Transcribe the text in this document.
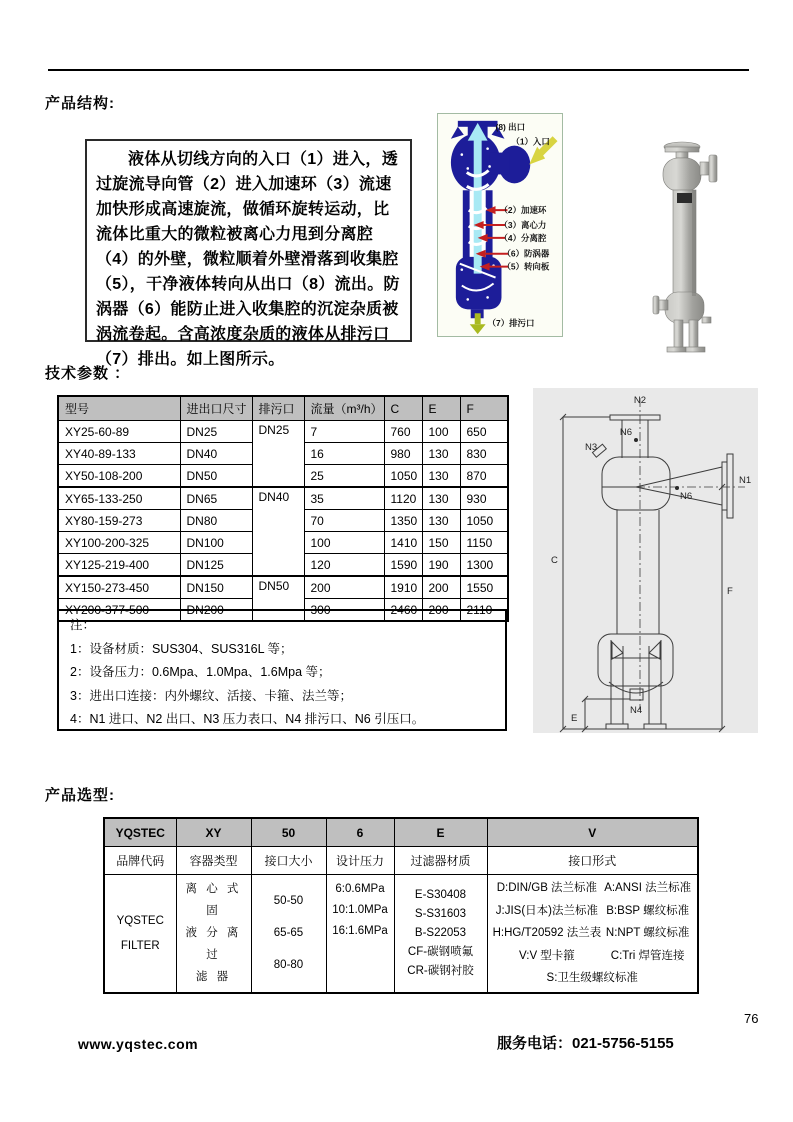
产品结构:

液体从切线方向的入口（1）进入，透过旋流导向管（2）进入加速环（3）流速加快形成高速旋流，做循环旋转运动，比流体比重大的微粒被离心力甩到分离腔（4）的外壁，微粒顺着外壁滑落到收集腔（5），干净液体转向从出口（8）流出。防涡器（6）能防止进入收集腔的沉淀杂质被涡流卷起。含高浓度杂质的液体从排污口（7）排出。如上图所示。

(8) 出口
（1）入口
（2）加速环
（3）离心力
（4）分离腔
（6）防涡器
（5）转向板
（7）排污口
技术参数 ：
型号	进出口尺寸	排污口	流量（m³/h）	C	E	F
XY25-60-89	DN25	DN25	7	760	100	650
XY40-89-133	DN40		16	980	130	830
XY50-108-200	DN50		25	1050	130	870
XY65-133-250	DN65	DN40	35	1120	130	930
XY80-159-273	DN80		70	1350	130	1050
XY100-200-325	DN100		100	1410	150	1150
XY125-219-400	DN125		120	1590	190	1300
XY150-273-450	DN150	DN50	200	1910	200	1550
XY200-377-500	DN200		300	2460	200	2110
注：
1：设备材质：SUS304、SUS316L 等；
2：设备压力：0.6Mpa、1.0Mpa、1.6Mpa 等；
3：进出口连接：内外螺纹、活接、卡箍、法兰等；
4：N1 进口、N2 出口、N3 压力表口、N4 排污口、N6 引压口。
N2
N6
N3
N1
N6
C
F
E
N4
产品选型:
YQSTEC	XY	50	6	E	V
品牌代码	容器类型	接口大小	设计压力	过滤器材质	接口形式

YQSTEC
FILTER

离 心 式 固
液 分 离 过
滤 器

50-50
65-65
80-80

6:0.6MPa
10:1.0MPa
16:1.6MPa

E-S30408
S-S31603
B-S22053
CF-碳钢喷氟
CR-碳钢衬胶

D:DIN/GB 法兰标准 A:ANSI 法兰标准
J:JIS(日本)法兰标准 B:BSP 螺纹标准
H:HG/T20592 法兰表 N:NPT 螺纹标准
V:V 型卡箍	C:Tri 焊管连接
S:卫生级螺纹标准
76
www.yqstec.com	服务电话：021-5756-5155
